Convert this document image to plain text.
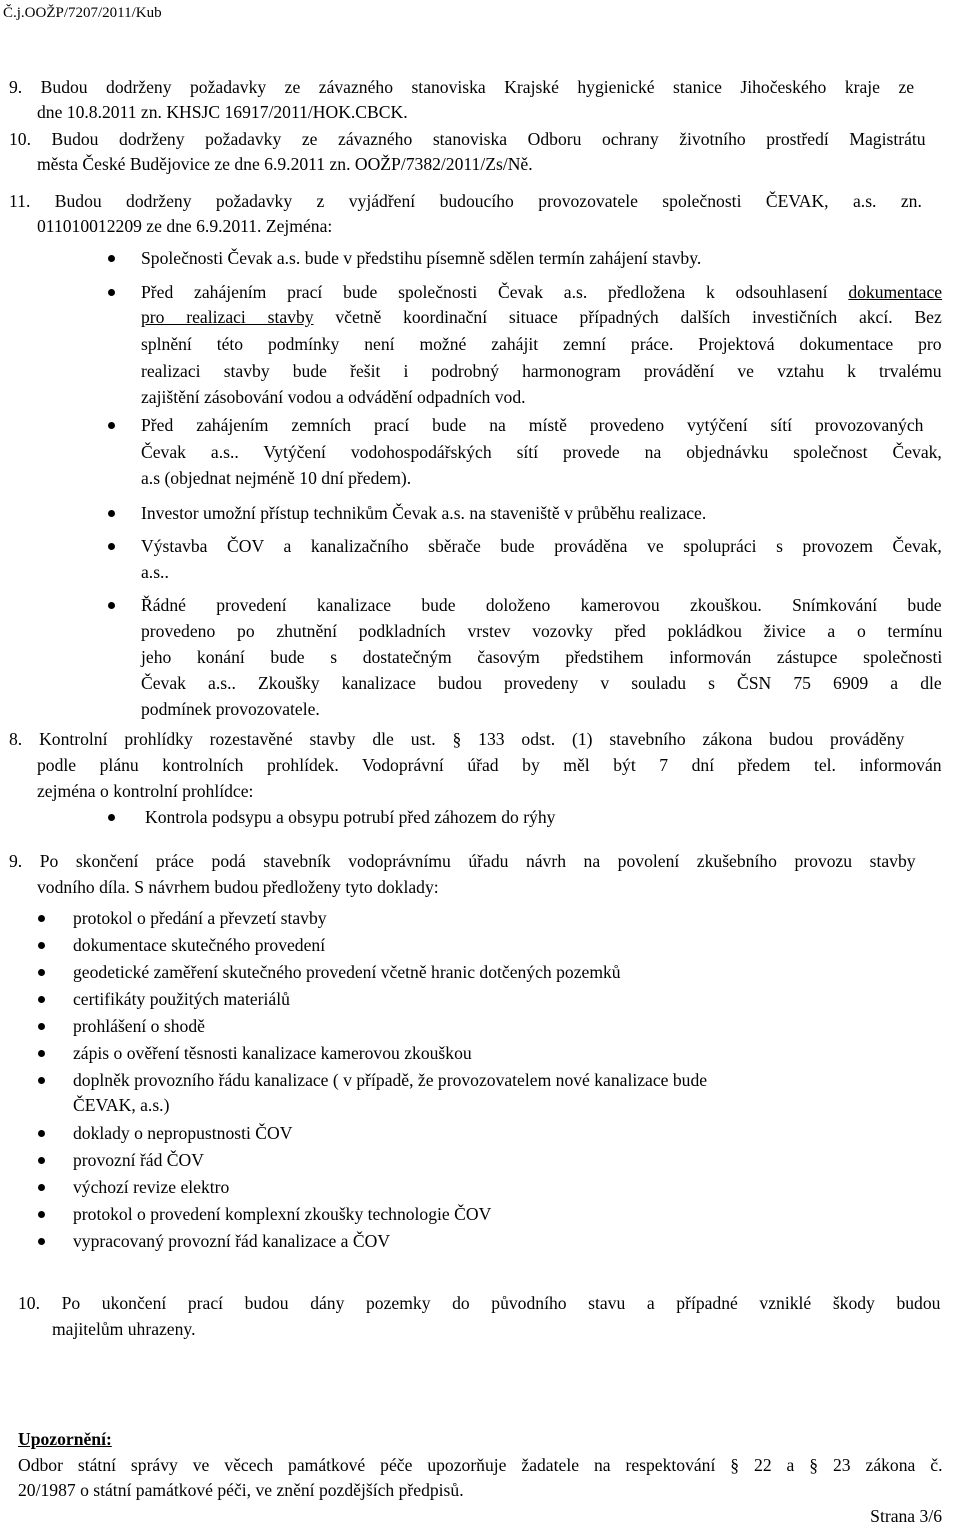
Č.j.OOŽP/7207/2011/Kub
9. Budou dodrženy požadavky ze závazného stanoviska Krajské hygienické stanice Jihočeského kraje ze
dne 10.8.2011 zn. KHSJC 16917/2011/HOK.CBCK.
10. Budou dodrženy požadavky ze závazného stanoviska Odboru ochrany životního prostředí Magistrátu
města České Budějovice ze dne 6.9.2011 zn. OOŽP/7382/2011/Zs/Ně.
11. Budou dodrženy požadavky z vyjádření budoucího provozovatele společnosti ČEVAK, a.s. zn.
011010012209 ze dne 6.9.2011. Zejména:
Společnosti Čevak a.s. bude v předstihu písemně sdělen termín zahájení stavby.
Před zahájením prací bude společnosti Čevak a.s. předložena k odsouhlasení dokumentace
pro realizaci stavby včetně koordinační situace případných dalších investičních akcí. Bez
splnění této podmínky není možné zahájit zemní práce. Projektová dokumentace pro
realizaci stavby bude řešit i podrobný harmonogram provádění ve vztahu k trvalému
zajištění zásobování vodou a odvádění odpadních vod.
Před zahájením zemních prací bude na místě provedeno vytýčení sítí provozovaných
Čevak a.s.. Vytýčení vodohospodářských sítí provede na objednávku společnost Čevak,
a.s (objednat nejméně 10 dní předem).
Investor umožní přístup technikům Čevak a.s. na staveniště v průběhu realizace.
Výstavba ČOV a kanalizačního sběrače bude prováděna ve spolupráci s provozem Čevak,
a.s..
Řádné provedení kanalizace bude doloženo kamerovou zkouškou. Snímkování bude
provedeno po zhutnění podkladních vrstev vozovky před pokládkou živice a o termínu
jeho konání bude s dostatečným časovým předstihem informován zástupce společnosti
Čevak a.s.. Zkoušky kanalizace budou provedeny v souladu s ČSN 75 6909 a dle
podmínek provozovatele.
8. Kontrolní prohlídky rozestavěné stavby dle ust. § 133 odst. (1) stavebního zákona budou prováděny
podle plánu kontrolních prohlídek. Vodoprávní úřad by měl být 7 dní předem tel. informován
zejména o kontrolní prohlídce:
Kontrola podsypu a obsypu potrubí před záhozem do rýhy
9. Po skončení práce podá stavebník vodoprávnímu úřadu návrh na povolení zkušebního provozu stavby
vodního díla. S návrhem budou předloženy tyto doklady:
protokol o předání a převzetí stavby
dokumentace skutečného provedení
geodetické zaměření skutečného provedení včetně hranic dotčených pozemků
certifikáty použitých materiálů
prohlášení o shodě
zápis o ověření těsnosti kanalizace kamerovou zkouškou
doplněk provozního řádu kanalizace ( v případě, že provozovatelem nové kanalizace bude
ČEVAK, a.s.)
doklady o nepropustnosti ČOV
provozní řád ČOV
výchozí revize elektro
protokol o provedení komplexní zkoušky technologie ČOV
vypracovaný provozní řád kanalizace a ČOV
10. Po ukončení prací budou dány pozemky do původního stavu a případné vzniklé škody budou
majitelům uhrazeny.
Upozornění:
Odbor státní správy ve věcech památkové péče upozorňuje žadatele na respektování § 22 a § 23 zákona č.
20/1987 o státní památkové péči, ve znění pozdějších předpisů.
Strana 3/6
